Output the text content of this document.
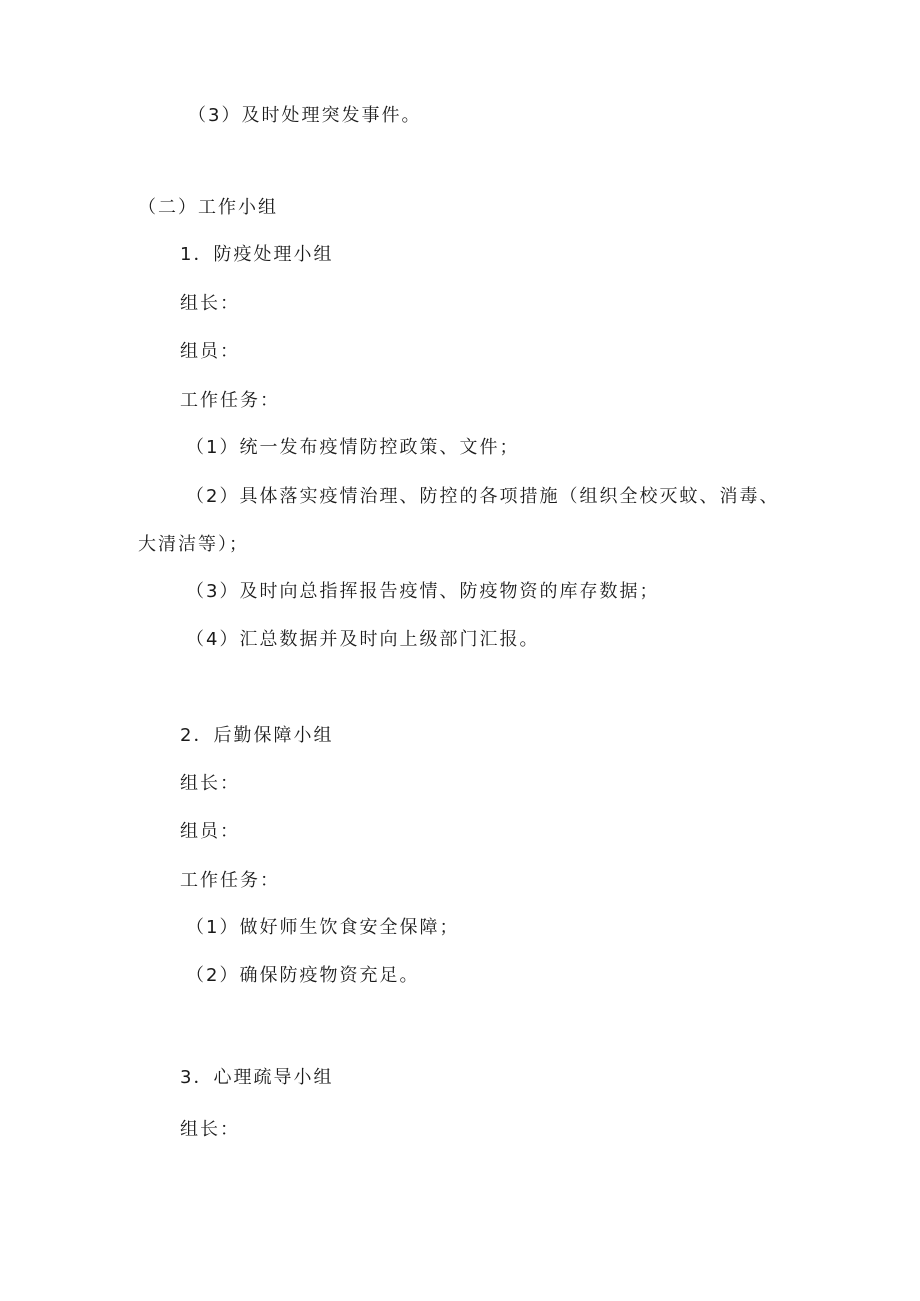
（3）及时处理突发事件。
（二）工作小组
1．防疫处理小组
组长：
组员：
工作任务：
（1）统一发布疫情防控政策、文件；
（2）具体落实疫情治理、防控的各项措施（组织全校灭蚊、消毒、
大清洁等）；
（3）及时向总指挥报告疫情、防疫物资的库存数据；
（4）汇总数据并及时向上级部门汇报。
2．后勤保障小组
组长：
组员：
工作任务：
（1）做好师生饮食安全保障；
（2）确保防疫物资充足。
3．心理疏导小组
组长：
